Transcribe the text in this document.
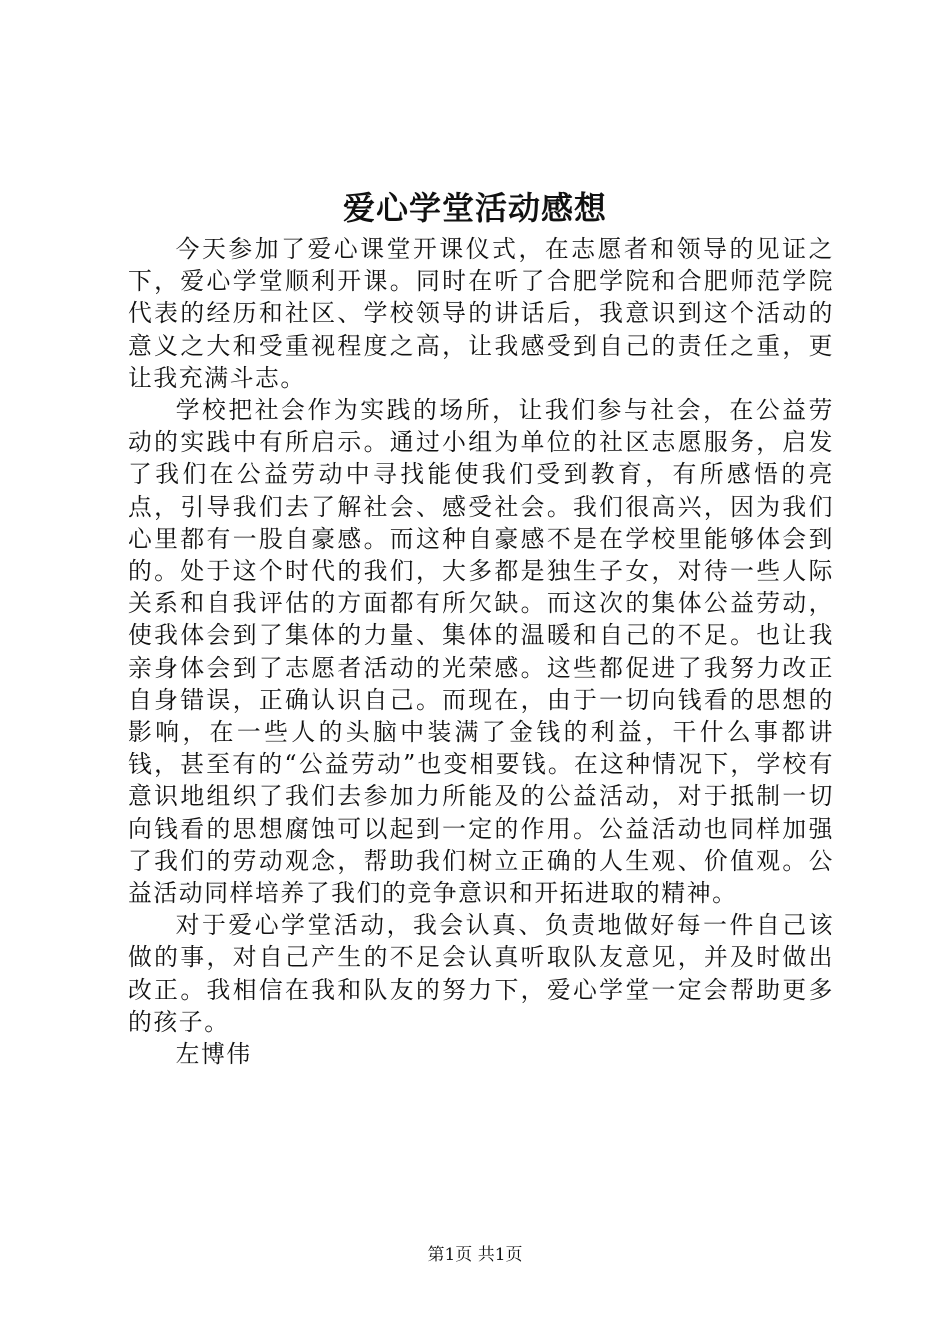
爱心学堂活动感想

今天参加了爱心课堂开课仪式，在志愿者和领导的见证之下，爱心学堂顺利开课。同时在听了合肥学院和合肥师范学院代表的经历和社区、学校领导的讲话后，我意识到这个活动的意义之大和受重视程度之高，让我感受到自己的责任之重，更让我充满斗志。

学校把社会作为实践的场所，让我们参与社会，在公益劳动的实践中有所启示。通过小组为单位的社区志愿服务，启发了我们在公益劳动中寻找能使我们受到教育，有所感悟的亮点，引导我们去了解社会、感受社会。我们很高兴，因为我们心里都有一股自豪感。而这种自豪感不是在学校里能够体会到的。处于这个时代的我们，大多都是独生子女，对待一些人际关系和自我评估的方面都有所欠缺。而这次的集体公益劳动，使我体会到了集体的力量、集体的温暖和自己的不足。也让我亲身体会到了志愿者活动的光荣感。这些都促进了我努力改正自身错误，正确认识自己。而现在，由于一切向钱看的思想的影响，在一些人的头脑中装满了金钱的利益，干什么事都讲钱，甚至有的“公益劳动”也变相要钱。在这种情况下，学校有意识地组织了我们去参加力所能及的公益活动，对于抵制一切向钱看的思想腐蚀可以起到一定的作用。公益活动也同样加强了我们的劳动观念，帮助我们树立正确的人生观、价值观。公益活动同样培养了我们的竞争意识和开拓进取的精神。

对于爱心学堂活动，我会认真、负责地做好每一件自己该做的事，对自己产生的不足会认真听取队友意见，并及时做出改正。我相信在我和队友的努力下，爱心学堂一定会帮助更多的孩子。

左博伟

第1页 共1页
